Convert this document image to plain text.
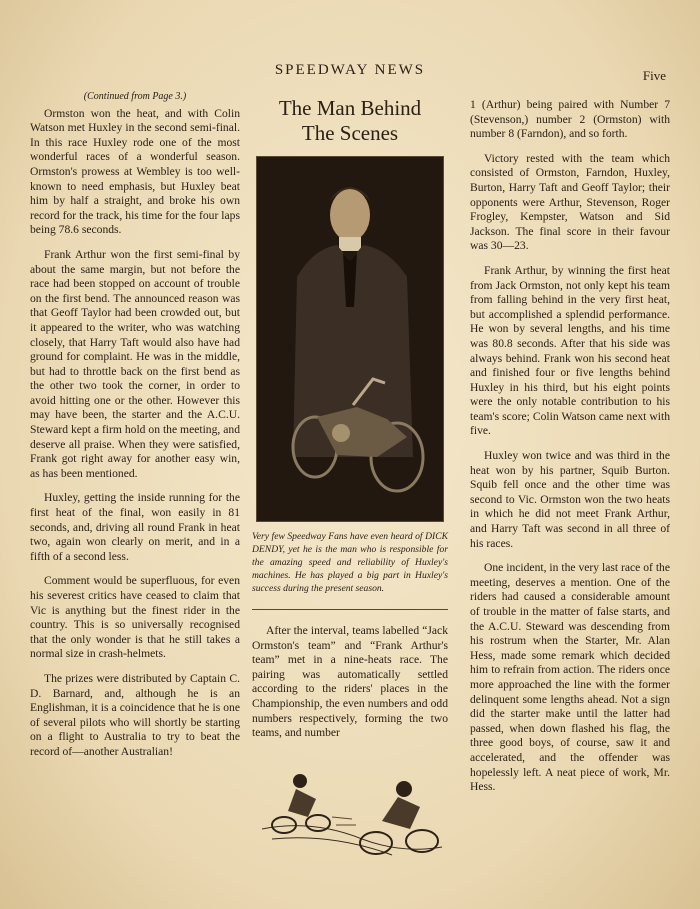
SPEEDWAY NEWS	Five
(Continued from Page 3.)

Ormston won the heat, and with Colin Watson met Huxley in the second semi-final. In this race Huxley rode one of the most wonderful races of a wonderful season. Ormston's prowess at Wembley is too well-known to need emphasis, but Huxley beat him by half a straight, and broke his own record for the track, his time for the four laps being 78.6 seconds.

Frank Arthur won the first semi-final by about the same margin, but not before the race had been stopped on account of trouble on the first bend. The announced reason was that Geoff Taylor had been crowded out, but it appeared to the writer, who was watching closely, that Harry Taft would also have had ground for complaint. He was in the middle, but had to throttle back on the first bend as the other two took the corner, in order to avoid hitting one or the other. However this may have been, the starter and the A.C.U. Steward kept a firm hold on the meeting, and deserve all praise. When they were satisfied, Frank got right away for another easy win, as has been mentioned.

Huxley, getting the inside running for the first heat of the final, won easily in 81 seconds, and, driving all round Frank in heat two, again won clearly on merit, and in a fifth of a second less.

Comment would be superfluous, for even his severest critics have ceased to claim that Vic is anything but the finest rider in the country. This is so universally recognised that the only wonder is that he still takes a normal size in crash-helmets.

The prizes were distributed by Captain C. D. Barnard, and, although he is an Englishman, it is a coincidence that he is one of several pilots who will shortly be starting on a flight to Australia to try to beat the record of—another Australian!

The Man Behind
The Scenes
Very few Speedway Fans have even heard of DICK DENDY, yet he is the man who is responsible for the amazing speed and reliability of Huxley's machines. He has played a big part in Huxley's success during the present season.

After the interval, teams labelled “Jack Ormston's team” and “Frank Arthur's team” met in a nine-heats race. The pairing was automatically settled according to the riders' places in the Championship, the even numbers and odd numbers respectively, forming the two teams, and number

1 (Arthur) being paired with Number 7 (Stevenson,) number 2 (Ormston) with number 8 (Farndon), and so forth.

Victory rested with the team which consisted of Ormston, Farndon, Huxley, Burton, Harry Taft and Geoff Taylor; their opponents were Arthur, Stevenson, Roger Frogley, Kempster, Watson and Sid Jackson. The final score in their favour was 30—23.

Frank Arthur, by winning the first heat from Jack Ormston, not only kept his team from falling behind in the very first heat, but accomplished a splendid performance. He won by several lengths, and his time was 80.8 seconds. After that his side was always behind. Frank won his second heat and finished four or five lengths behind Huxley in his third, but his eight points were the only notable contribution to his team's score; Colin Watson came next with five.

Huxley won twice and was third in the heat won by his partner, Squib Burton. Squib fell once and the other time was second to Vic. Ormston won the two heats in which he did not meet Frank Arthur, and Harry Taft was second in all three of his races.

One incident, in the very last race of the meeting, deserves a mention. One of the riders had caused a considerable amount of trouble in the matter of false starts, and the A.C.U. Steward was descending from his rostrum when the Starter, Mr. Alan Hess, made some remark which decided him to refrain from action. The riders once more approached the line with the former delinquent some lengths ahead. Not a sign did the starter make until the latter had passed, when down flashed his flag, the three good boys, of course, saw it and accelerated, and the offender was hopelessly left. A neat piece of work, Mr. Hess.
